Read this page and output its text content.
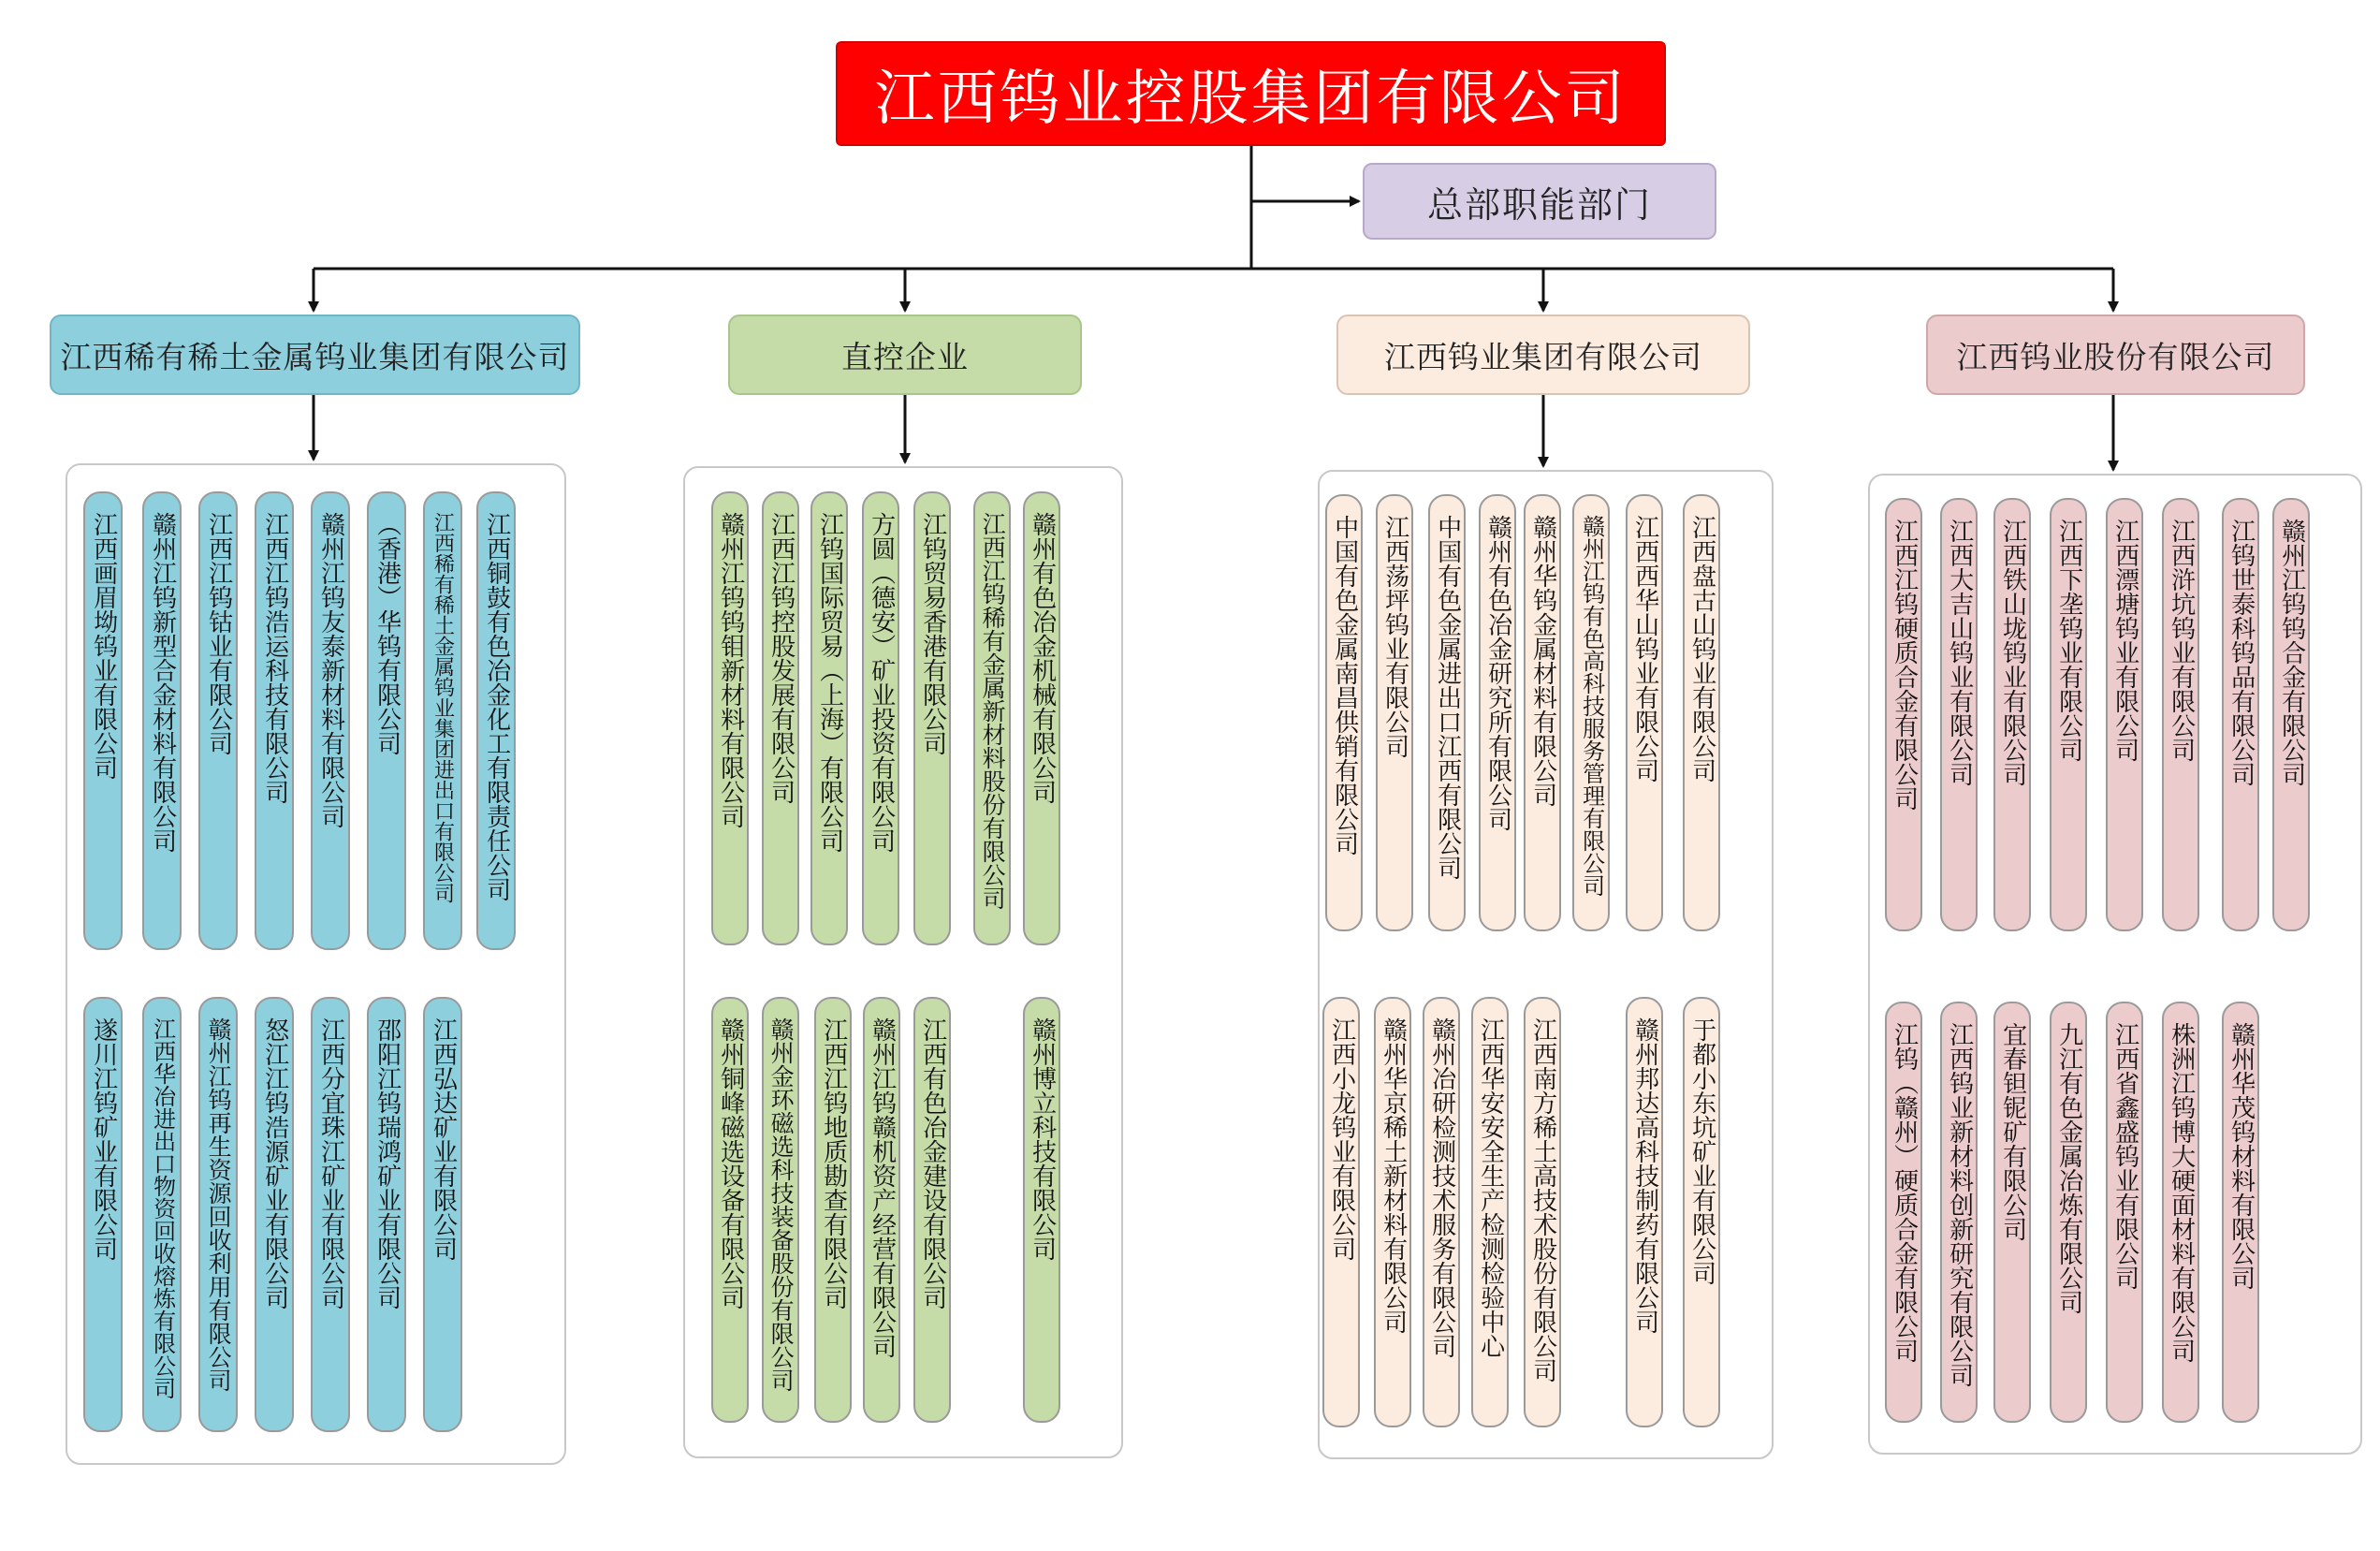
江西钨业控股集团有限公司
总部职能部门
江西稀有稀土金属钨业集团有限公司	直控企业	江西钨业集团有限公司	江西钨业股份有限公司
江西画眉坳钨业有限公司 赣州江钨新型合金材料有限公司 江西江钨钴业有限公司 江西江钨浩运科技有限公司 赣州江钨友泰新材料有限公司 （香港）华钨有限公司	江西稀有稀土金属钨业集团进出口有限公司	江西铜鼓有色冶金化工有限责任公司
遂川江钨矿业有限公司	江西华冶进出口物资回收熔炼有限公司 赣州江钨再生资源回收利用有限公司 怒江江钨浩源矿业有限公司 江西分宜珠江矿业有限公司 邵阳江钨瑞鸿矿业有限公司 江西弘达矿业有限公司
赣州江钨钨钼新材料有限公司 江西江钨控股发展有限公司 江钨国际贸易（上海）有限公司 方圆（德安）矿业投资有限公司 江钨贸易香港有限公司 江西江钨稀有金属新材料股份有限公司 赣州有色冶金机械有限公司
赣州铜峰磁选设备有限公司 赣州金环磁选科技装备股份有限公司 江西江钨地质勘查有限公司 赣州江钨赣机资产经营有限公司 江西有色冶金建设有限公司	赣州博立科技有限公司
中国有色金属南昌供销有限公司 江西荡坪钨业有限公司 中国有色金属进出口江西有限公司 赣州有色冶金研究所有限公司 赣州华钨金属材料有限公司 赣州江钨有色高科技服务管理有限公司 江西西华山钨业有限公司 江西盘古山钨业有限公司
江西小龙钨业有限公司 赣州华京稀土新材料有限公司 赣州冶研检测技术服务有限公司 江西华安安全生产检测检验中心 江西南方稀土高技术股份有限公司	赣州邦达高科技制药有限公司 于都小东坑矿业有限公司
江西江钨硬质合金有限公司 江西大吉山钨业有限公司 江西铁山垅钨业有限公司 江西下垄钨业有限公司 江西漂塘钨业有限公司 江西浒坑钨业有限公司 江钨世泰科钨品有限公司 赣州江钨钨合金有限公司
江钨（赣州）硬质合金有限公司 江西钨业新材料创新研究有限公司 宜春钽铌矿有限公司 九江有色金属冶炼有限公司 江西省鑫盛钨业有限公司 株洲江钨博大硬面材料有限公司 赣州华茂钨材料有限公司
